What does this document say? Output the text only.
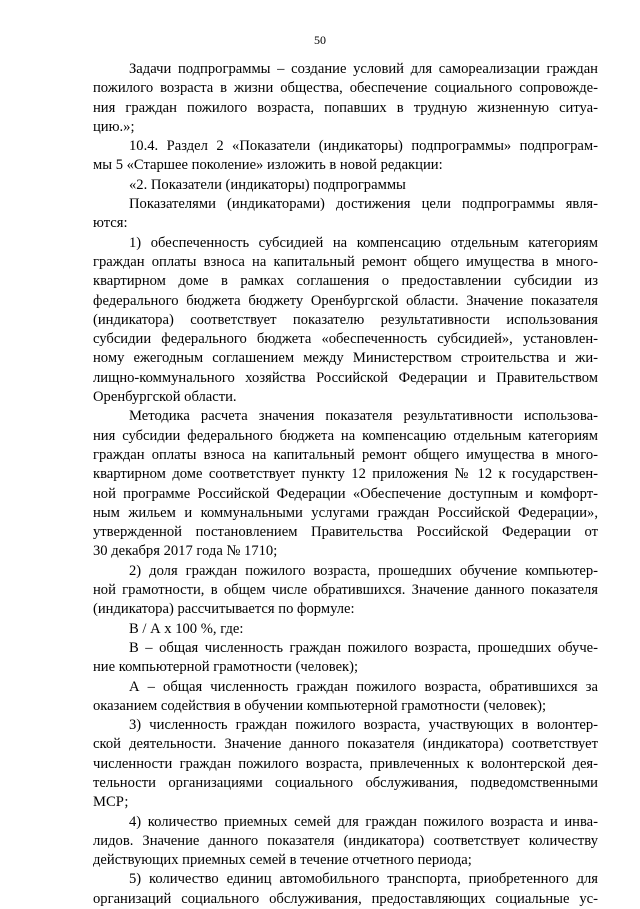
50
Задачи подпрограммы – создание условий для самореализации граждан
пожилого возраста в жизни общества, обеспечение социального сопровожде-
ния граждан пожилого возраста, попавших в трудную жизненную ситуа-
цию.»;
10.4. Раздел 2 «Показатели (индикаторы) подпрограммы» подпрограм-
мы 5 «Старшее поколение» изложить в новой редакции:
«2. Показатели (индикаторы) подпрограммы
Показателями (индикаторами) достижения цели подпрограммы явля-
ются:
1) обеспеченность субсидией на компенсацию отдельным категориям
граждан оплаты взноса на капитальный ремонт общего имущества в много-
квартирном доме в рамках соглашения о предоставлении субсидии из
федерального бюджета бюджету Оренбургской области. Значение показателя
(индикатора) соответствует показателю результативности использования
субсидии федерального бюджета «обеспеченность субсидией», установлен-
ному ежегодным соглашением между Министерством строительства и жи-
лищно-коммунального хозяйства Российской Федерации и Правительством
Оренбургской области.
Методика расчета значения показателя результативности использова-
ния субсидии федерального бюджета на компенсацию отдельным категориям
граждан оплаты взноса на капитальный ремонт общего имущества в много-
квартирном доме соответствует пункту 12 приложения № 12 к государствен-
ной программе Российской Федерации «Обеспечение доступным и комфорт-
ным жильем и коммунальными услугами граждан Российской Федерации»,
утвержденной постановлением Правительства Российской Федерации от
30 декабря 2017 года № 1710;
2) доля граждан пожилого возраста, прошедших обучение компьютер-
ной грамотности, в общем числе обратившихся. Значение данного показателя
(индикатора) рассчитывается по формуле:
В / А х 100 %, где:
В – общая численность граждан пожилого возраста, прошедших обуче-
ние компьютерной грамотности (человек);
А – общая численность граждан пожилого возраста, обратившихся за
оказанием содействия в обучении компьютерной грамотности (человек);
3) численность граждан пожилого возраста, участвующих в волонтер-
ской деятельности. Значение данного показателя (индикатора) соответствует
численности граждан пожилого возраста, привлеченных к волонтерской дея-
тельности организациями социального обслуживания, подведомственными
МСР;
4) количество приемных семей для граждан пожилого возраста и инва-
лидов. Значение данного показателя (индикатора) соответствует количеству
действующих приемных семей в течение отчетного периода;
5) количество единиц автомобильного транспорта, приобретенного для
организаций социального обслуживания, предоставляющих социальные ус-
